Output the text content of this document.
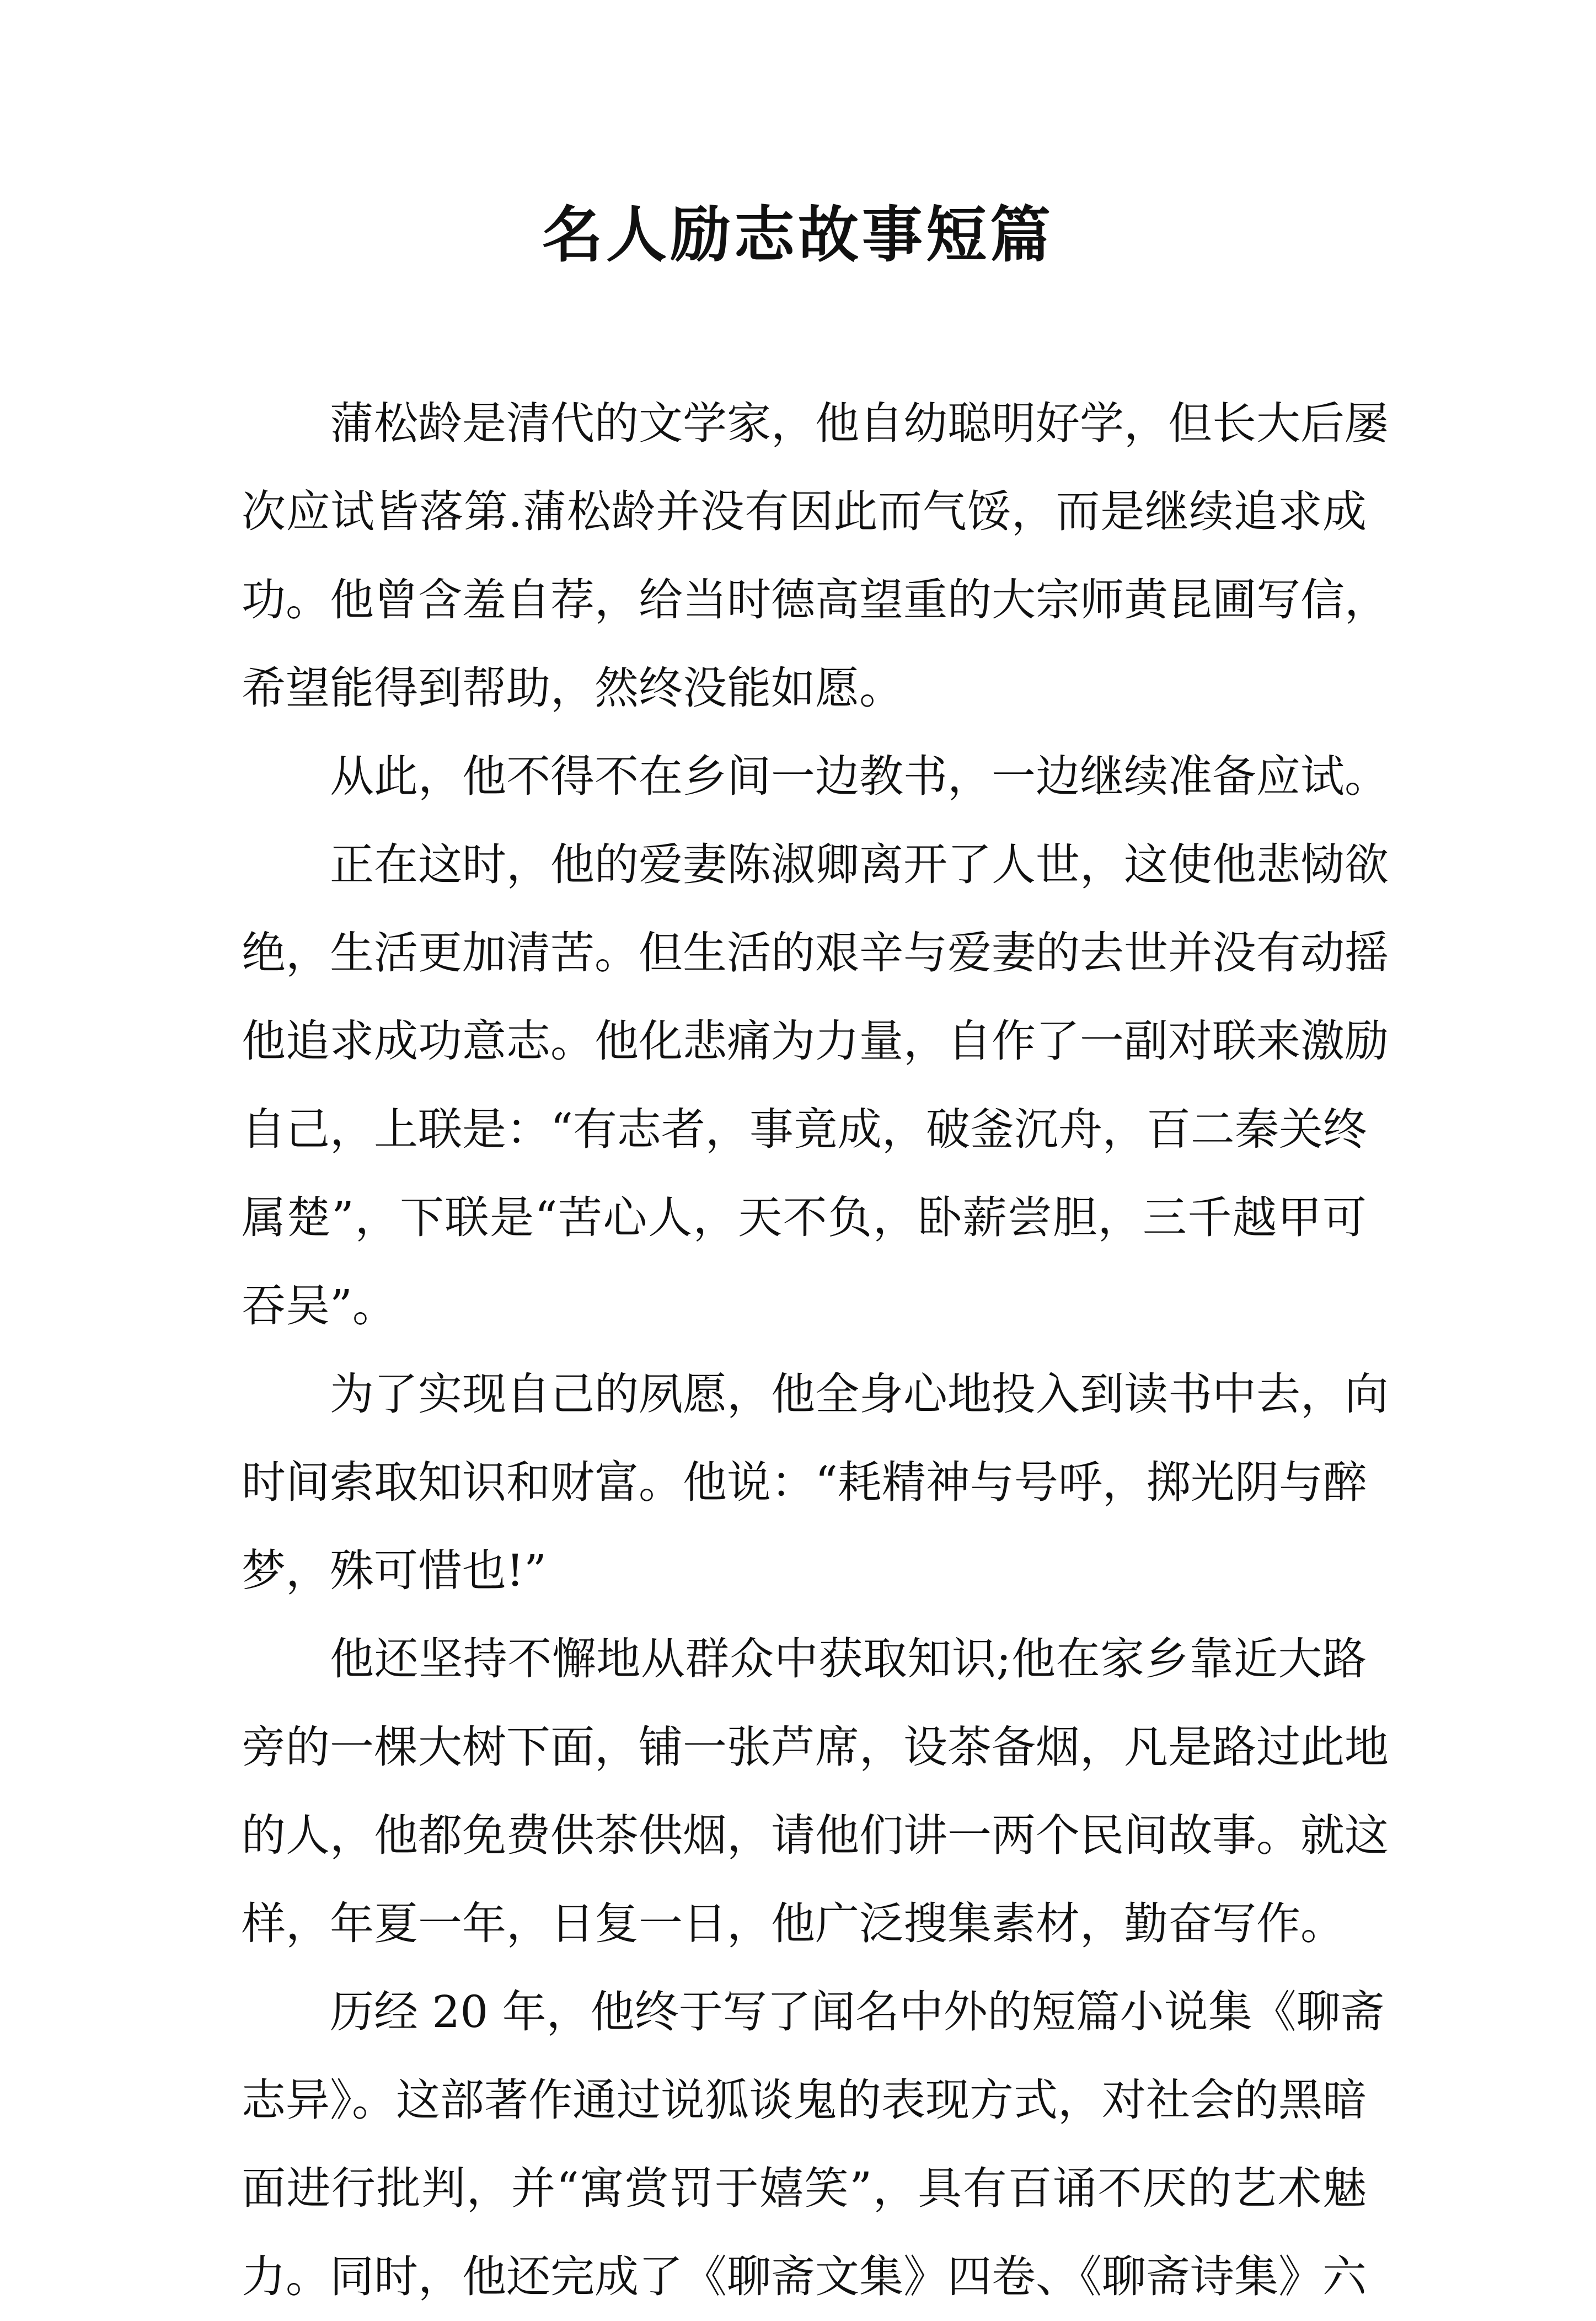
名人励志故事短篇
蒲松龄是清代的文学家，他自幼聪明好学，但长大后屡
次应试皆落第.蒲松龄并没有因此而气馁，而是继续追求成
功。他曾含羞自荐，给当时德高望重的大宗师黄昆圃写信，
希望能得到帮助，然终没能如愿。
从此，他不得不在乡间一边教书，一边继续准备应试。
正在这时，他的爱妻陈淑卿离开了人世，这使他悲恸欲
绝，生活更加清苦。但生活的艰辛与爱妻的去世并没有动摇
他追求成功意志。他化悲痛为力量，自作了一副对联来激励
自己，上联是：“有志者，事竟成，破釜沉舟，百二秦关终
属楚”，下联是“苦心人，天不负，卧薪尝胆，三千越甲可
吞吴”。
为了实现自己的夙愿，他全身心地投入到读书中去，向
时间索取知识和财富。他说：“耗精神与号呼，掷光阴与醉
梦，殊可惜也!”
他还坚持不懈地从群众中获取知识;他在家乡靠近大路
旁的一棵大树下面，铺一张芦席，设茶备烟，凡是路过此地
的人，他都免费供茶供烟，请他们讲一两个民间故事。就这
样，年夏一年，日复一日，他广泛搜集素材，勤奋写作。
历经 20 年，他终于写了闻名中外的短篇小说集《聊斋
志异》。这部著作通过说狐谈鬼的表现方式，对社会的黑暗
面进行批判，并“寓赏罚于嬉笑”，具有百诵不厌的艺术魅
力。同时，他还完成了《聊斋文集》四卷、《聊斋诗集》六
